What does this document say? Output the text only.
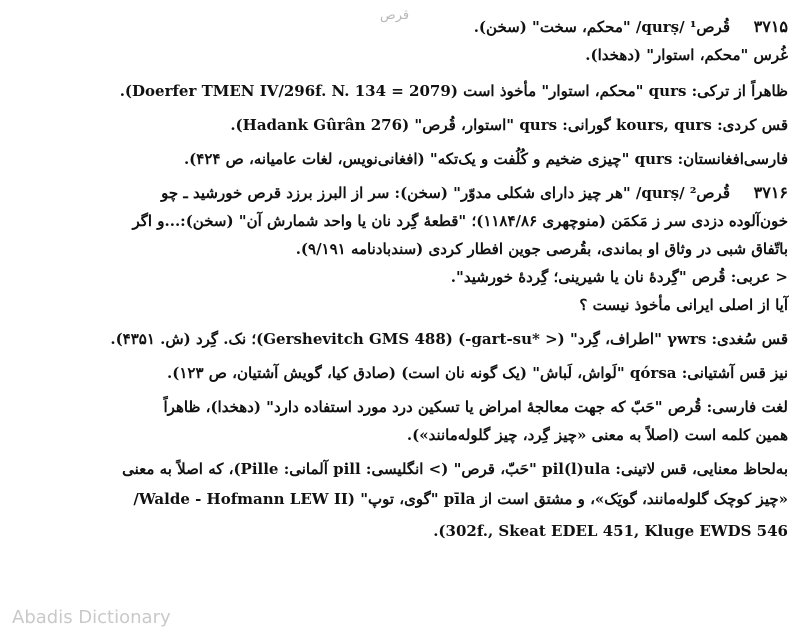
قرص
۳۷۱۵قُرص¹ /qurṣ/ "محکم، سخت" (سخن).
غُرس "محکم، استوار" (دهخدا).
ظاهراً از ترکی: qurs "محکم، استوار" مأخوذ است (Doerfer TMEN IV/296f. N. 134 = 2079).
قس کردی: kours, qurs گورانی: qurs "استوار، قُرص" (Hadank Gûrân 276).
فارسی‌افغانستان: qurs "چیزی ضخیم و کُلُفت و یک‌تکه" (افغانی‌نویس، لغات عامیانه، ص ۴۲۴).
۳۷۱۶قُرص² /qurṣ/ "هر چیز دارای شکلی مدوّر" (سخن): سر از البرز برزد قرص خورشید ـ چو
خون‌آلوده دزدی سر ز مَکمَن (منوچهری ۱۱۸۴/۸۶)؛ "قطعهٔ گِرد نان یا واحد شمارش آن" (سخن):...و اگر
باتّفاق شبی در وثاق او بماندی، بقُرصی جوین افطار کردی (سندبادنامه ۹/۱۹۱).
< عربی: قُرص "گِردهٔ نان یا شیرینی؛ گِردهٔ خورشید".
آیا از اصلی ایرانی مأخوذ نیست ؟
قس سُغدی: γwrs "اطراف، گِرد" (< *gart-su-) (Gershevitch GMS 488)؛ نک. گِرد (ش. ۴۳۵۱).
نیز قس آشتیانی: qórsa "لَواش، لَباش" (یک گونه نان است) (صادق کیا، گویش آشتیان، ص ۱۲۳).
لغت فارسی: قُرص "حَبّ که جهت معالجهٔ امراض یا تسکین درد مورد استفاده دارد" (دهخدا)، ظاهراً
همین کلمه است (اصلاً به معنی «چیز گِرد، چیز گلوله‌مانند»).
به‌لحاظ معنایی، قس لاتینی: pil(l)ula "حَبّ، قرص" (> انگلیسی: pill آلمانی: Pille)، که اصلاً به معنی
«چیز کوچک گلوله‌مانند، گویَک»، و مشتق است از pīla "گوی، توپ" (Walde - Hofmann LEW II/
302f., Skeat EDEL 451, Kluge EWDS 546).
Abadis Dictionary
